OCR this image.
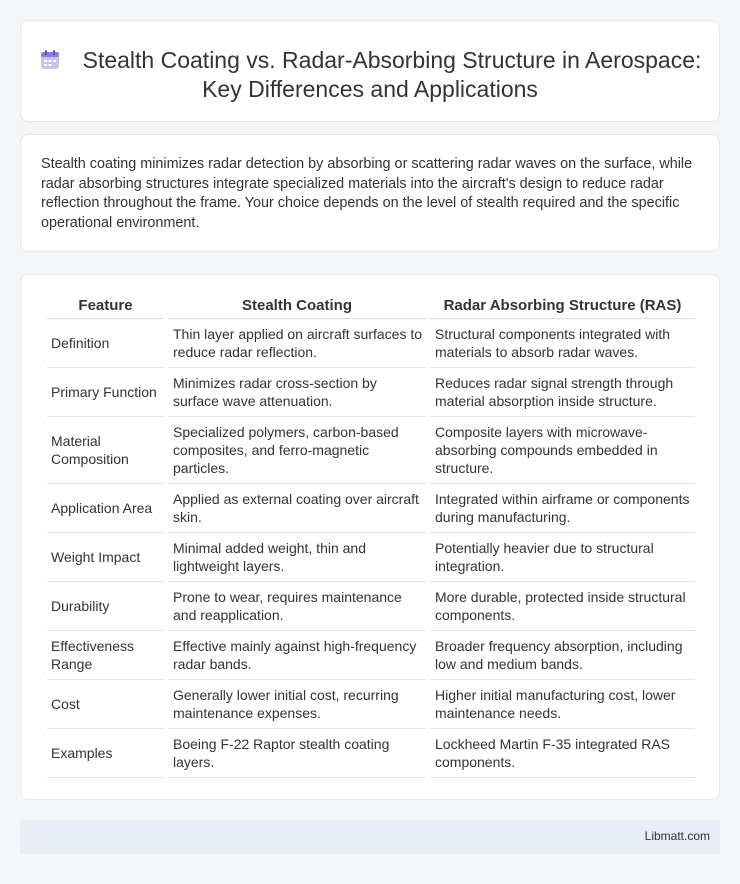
Stealth Coating vs. Radar-Absorbing Structure in Aerospace: Key Differences and Applications

Stealth coating minimizes radar detection by absorbing or scattering radar waves on the surface, while radar absorbing structures integrate specialized materials into the aircraft's design to reduce radar reflection throughout the frame. Your choice depends on the level of stealth required and the specific operational environment.

Feature	Stealth Coating	Radar Absorbing Structure (RAS)
Definition	Thin layer applied on aircraft surfaces to reduce radar reflection.	Structural components integrated with materials to absorb radar waves.
Primary Function	Minimizes radar cross-section by surface wave attenuation.	Reduces radar signal strength through material absorption inside structure.
Material Composition	Specialized polymers, carbon-based composites, and ferro-magnetic particles.	Composite layers with microwave-absorbing compounds embedded in structure.
Application Area	Applied as external coating over aircraft skin.	Integrated within airframe or components during manufacturing.
Weight Impact	Minimal added weight, thin and lightweight layers.	Potentially heavier due to structural integration.
Durability	Prone to wear, requires maintenance and reapplication.	More durable, protected inside structural components.
Effectiveness Range	Effective mainly against high-frequency radar bands.	Broader frequency absorption, including low and medium bands.
Cost	Generally lower initial cost, recurring maintenance expenses.	Higher initial manufacturing cost, lower maintenance needs.
Examples	Boeing F-22 Raptor stealth coating layers.	Lockheed Martin F-35 integrated RAS components.
Libmatt.com
